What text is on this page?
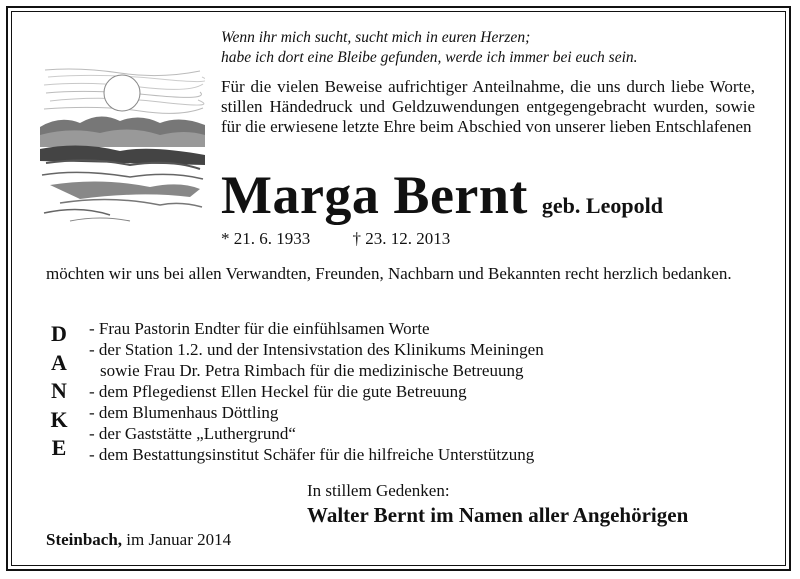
Wenn ihr mich sucht, sucht mich in euren Herzen;
habe ich dort eine Bleibe gefunden, werde ich immer bei euch sein.
Für die vielen Beweise aufrichtiger Anteilnahme, die uns durch liebe Worte, stillen Händedruck und Geldzuwendungen entgegengebracht wurden, sowie für die erwiesene letzte Ehre beim Abschied von unserer lieben Entschlafenen
Marga Bernt geb. Leopold
* 21. 6. 1933 † 23. 12. 2013
möchten wir uns bei allen Verwandten, Freunden, Nachbarn und Bekannten recht herzlich bedanken.
D
A
N
K
E
- Frau Pastorin Endter für die einfühlsamen Worte
- der Station 1.2. und der Intensivstation des Klinikums Meiningen
sowie Frau Dr. Petra Rimbach für die medizinische Betreuung
- dem Pflegedienst Ellen Heckel für die gute Betreuung
- dem Blumenhaus Döttling
- der Gaststätte „Luthergrund“
- dem Bestattungsinstitut Schäfer für die hilfreiche Unterstützung
In stillem Gedenken:
Walter Bernt im Namen aller Angehörigen
Steinbach, im Januar 2014
